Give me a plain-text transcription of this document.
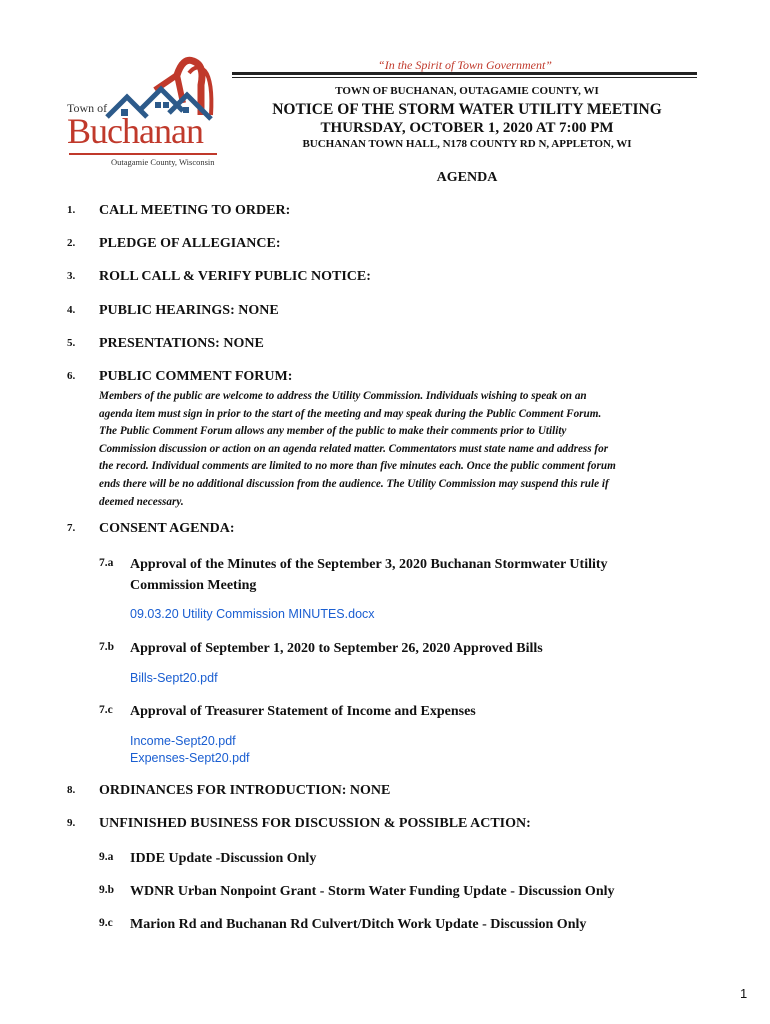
“In the Spirit of Town Government”
Town of
Buchanan
Outagamie County, Wisconsin
TOWN OF BUCHANAN, OUTAGAMIE COUNTY, WI
NOTICE OF THE STORM WATER UTILITY MEETING
THURSDAY, OCTOBER 1, 2020 AT 7:00 PM
BUCHANAN TOWN HALL, N178 COUNTY RD N, APPLETON, WI
AGENDA
1. CALL MEETING TO ORDER:
2. PLEDGE OF ALLEGIANCE:
3. ROLL CALL & VERIFY PUBLIC NOTICE:
4. PUBLIC HEARINGS: NONE
5. PRESENTATIONS: NONE
6. PUBLIC COMMENT FORUM:
Members of the public are welcome to address the Utility Commission. Individuals wishing to speak on an
agenda item must sign in prior to the start of the meeting and may speak during the Public Comment Forum.
The Public Comment Forum allows any member of the public to make their comments prior to Utility
Commission discussion or action on an agenda related matter. Commentators must state name and address for
the record. Individual comments are limited to no more than five minutes each. Once the public comment forum
ends there will be no additional discussion from the audience. The Utility Commission may suspend this rule if
deemed necessary.
7. CONSENT AGENDA:
7.a Approval of the Minutes of the September 3, 2020 Buchanan Stormwater Utility
Commission Meeting
09.03.20 Utility Commission MINUTES.docx
7.b Approval of September 1, 2020 to September 26, 2020 Approved Bills
Bills-Sept20.pdf
7.c Approval of Treasurer Statement of Income and Expenses
Income-Sept20.pdf
Expenses-Sept20.pdf
8. ORDINANCES FOR INTRODUCTION: NONE
9. UNFINISHED BUSINESS FOR DISCUSSION & POSSIBLE ACTION:
9.a IDDE Update -Discussion Only
9.b WDNR Urban Nonpoint Grant - Storm Water Funding Update - Discussion Only
9.c Marion Rd and Buchanan Rd Culvert/Ditch Work Update - Discussion Only
1
